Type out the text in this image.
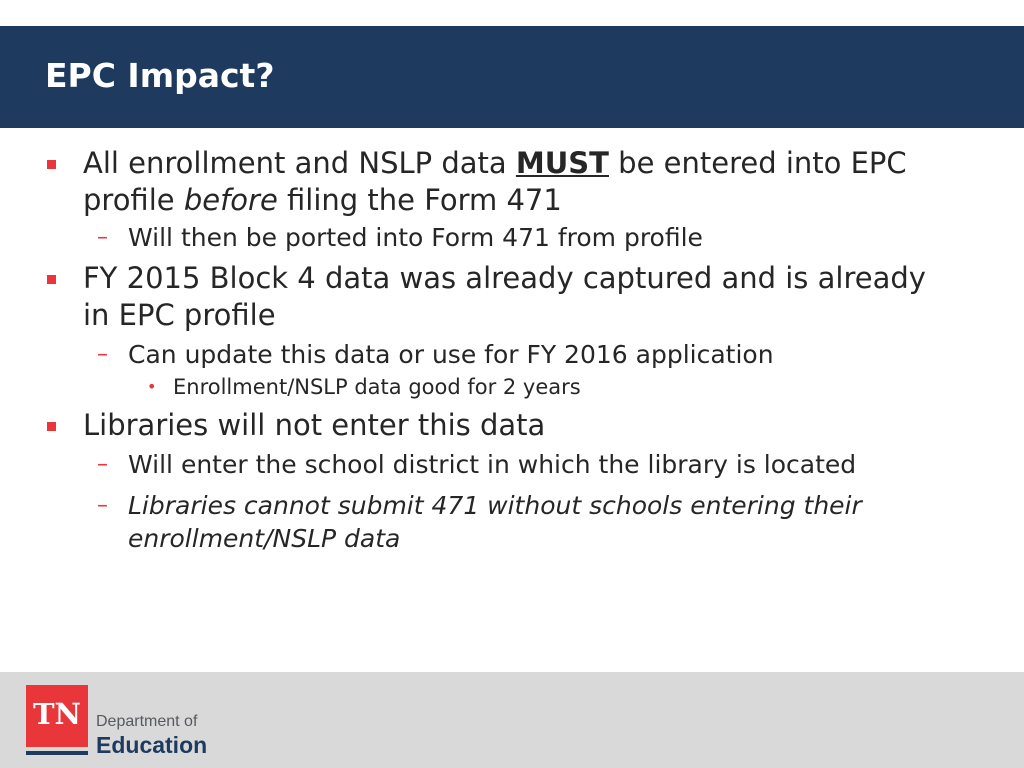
EPC Impact?
All enrollment and NSLP data MUST be entered into EPC profile before filing the Form 471
– Will then be ported into Form 471 from profile
FY 2015 Block 4 data was already captured and is already in EPC profile
– Can update this data or use for FY 2016 application
• Enrollment/NSLP data good for 2 years
Libraries will not enter this data
– Will enter the school district in which the library is located
– Libraries cannot submit 471 without schools entering their enrollment/NSLP data
TN Department of
Education
